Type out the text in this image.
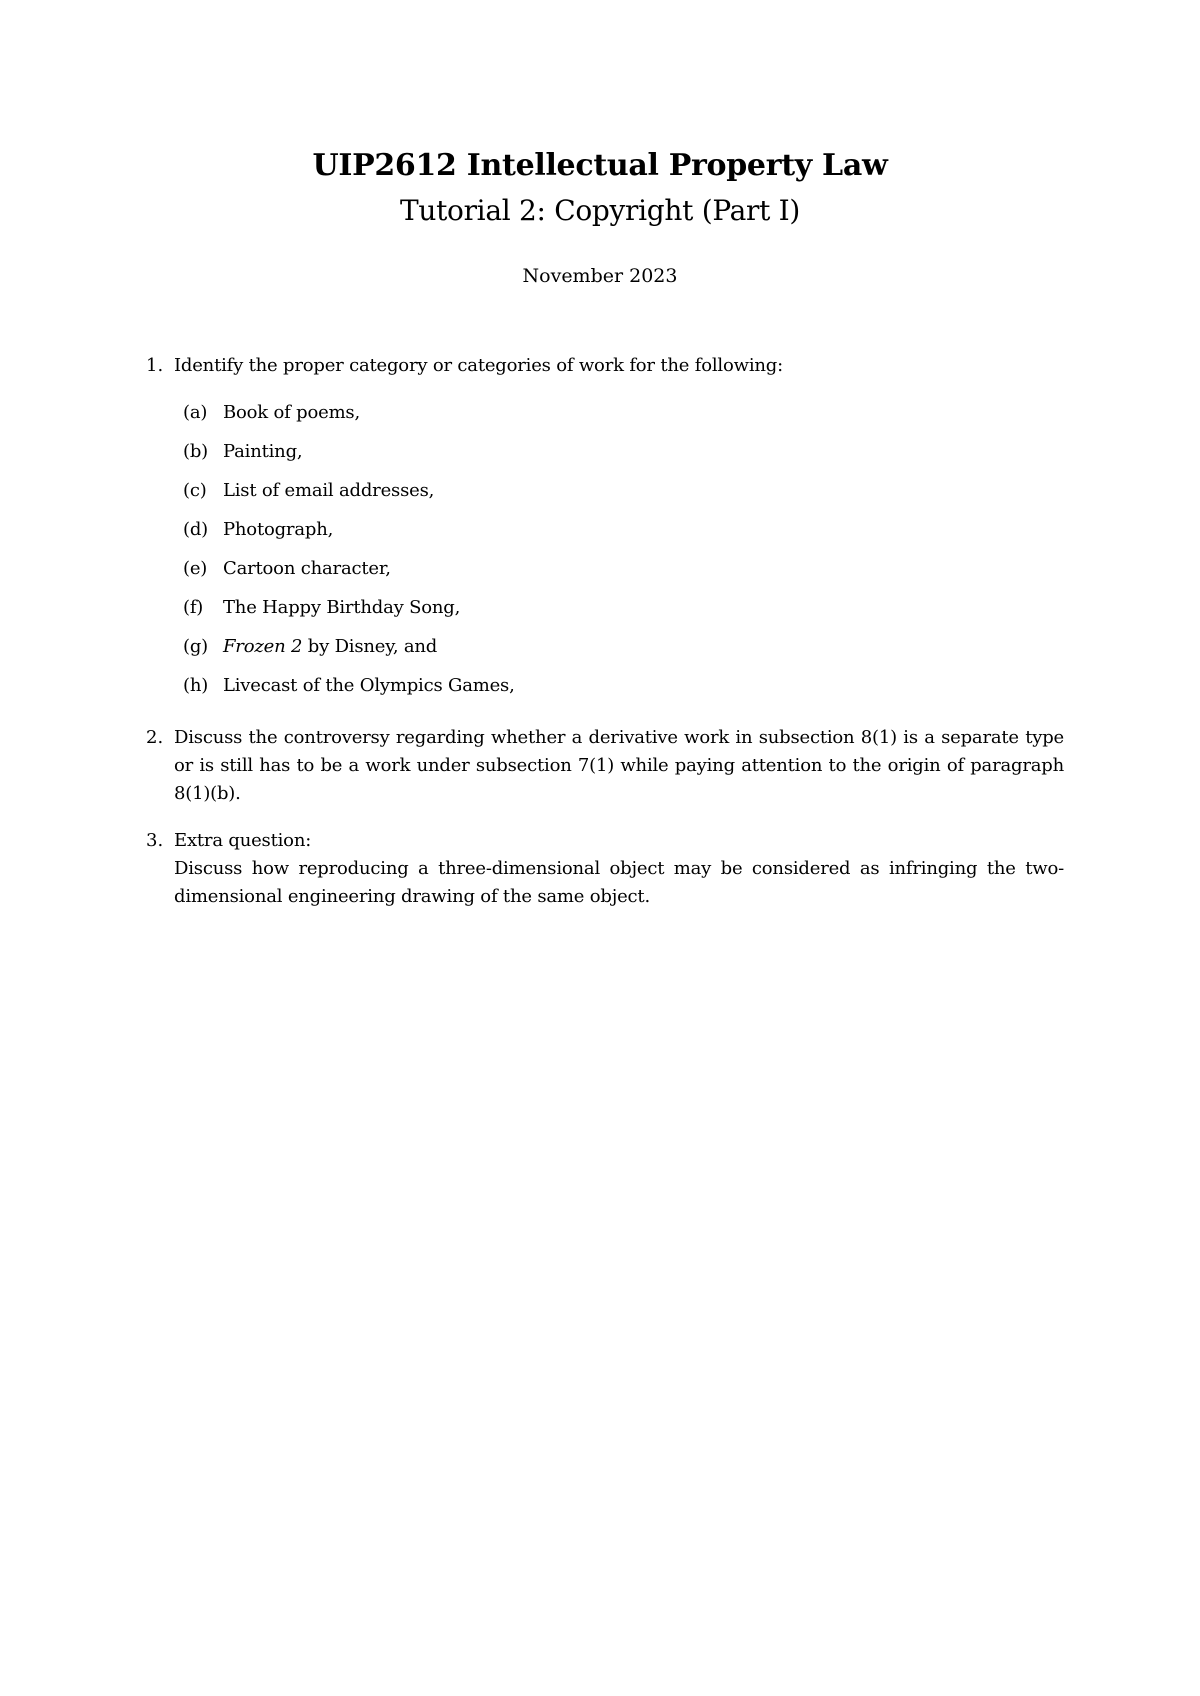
UIP2612 Intellectual Property Law
Tutorial 2: Copyright (Part I)
November 2023
1. Identify the proper category or categories of work for the following:
(a) Book of poems,
(b) Painting,
(c) List of email addresses,
(d) Photograph,
(e) Cartoon character,
(f) The Happy Birthday Song,
(g) Frozen 2 by Disney, and
(h) Livecast of the Olympics Games,
2. Discuss the controversy regarding whether a derivative work in subsection 8(1) is a separate type or is still has to be a work under subsection 7(1) while paying attention to the origin of paragraph 8(1)(b).
3. Extra question:
Discuss how reproducing a three-dimensional object may be considered as infringing the two-dimensional engineering drawing of the same object.
